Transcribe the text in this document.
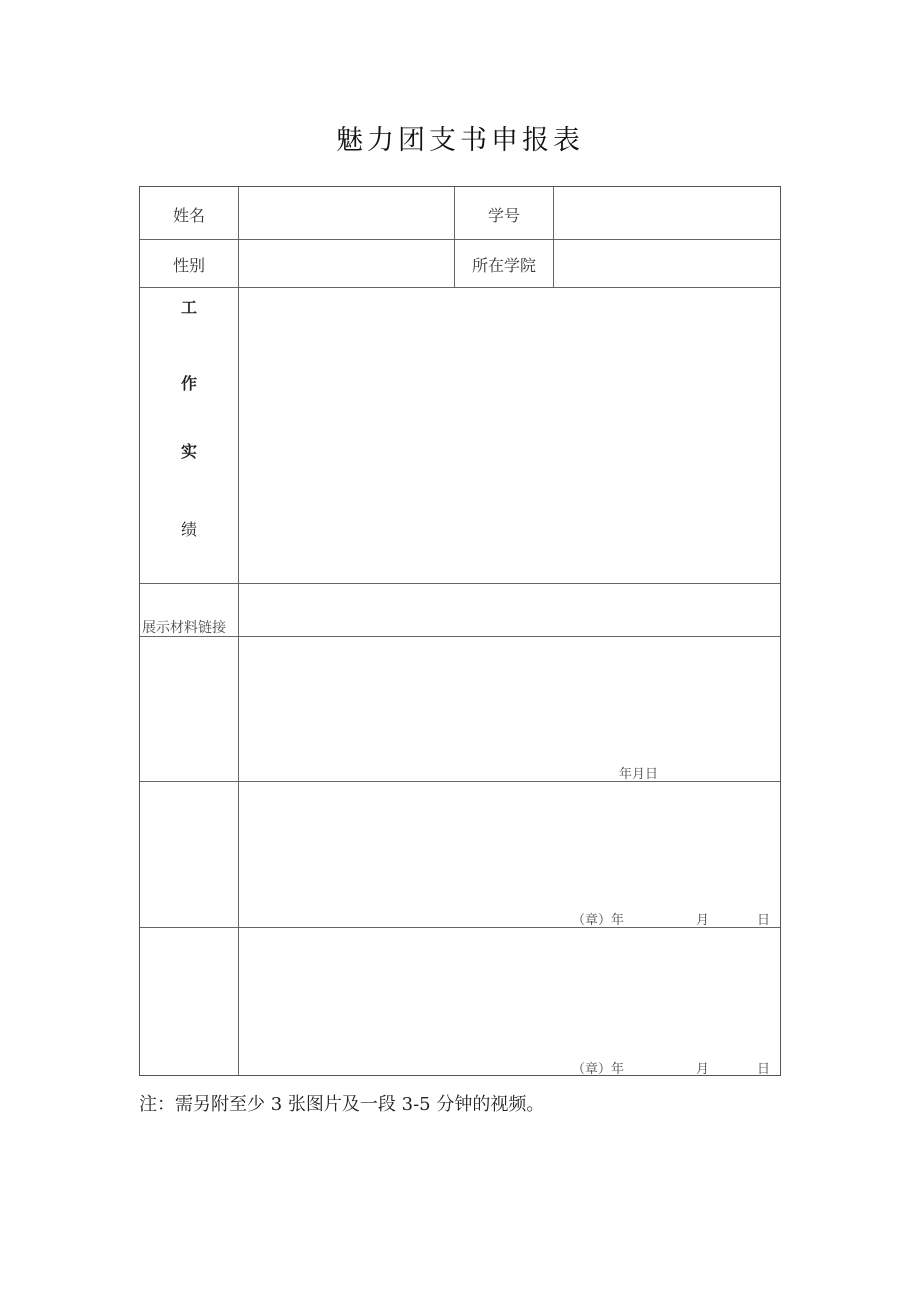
魅力团支书申报表
姓名	学号
性别	所在学院
工
作
实
绩
展示材料链接
年月日
（章）年	月	日
（章）年	月	日
注：需另附至少 3 张图片及一段 3-5 分钟的视频。
